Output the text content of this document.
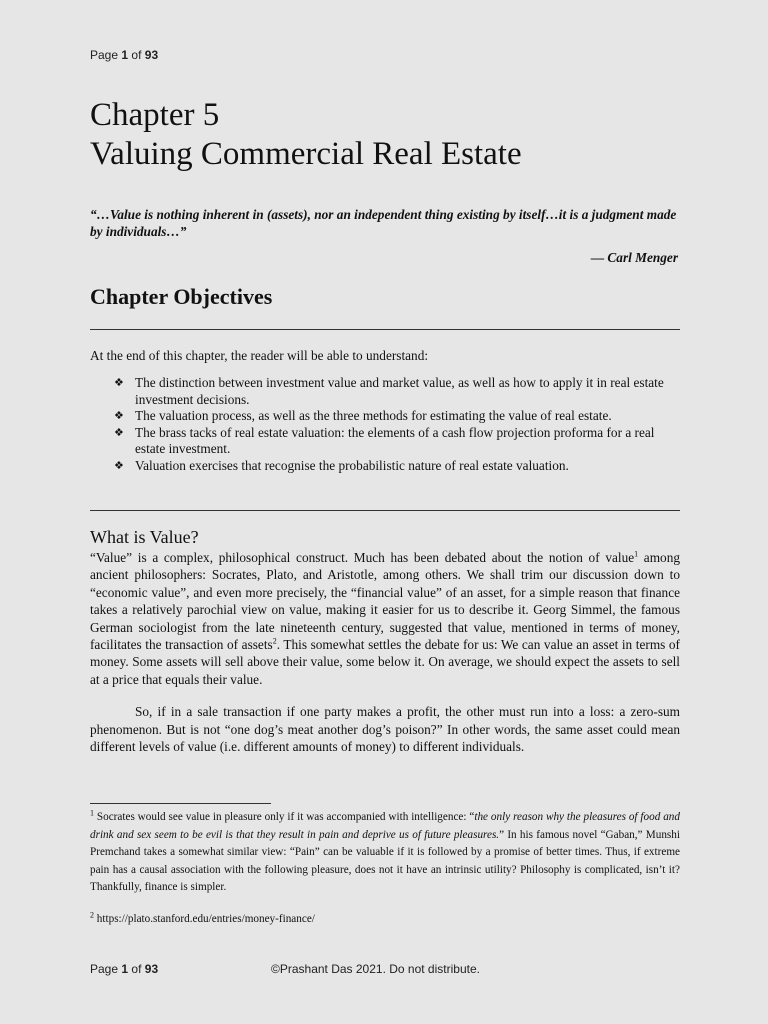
Page 1 of 93
Chapter 5
Valuing Commercial Real Estate
“…Value is nothing inherent in (assets), nor an independent thing existing by itself…it is a judgment made by individuals…”
— Carl Menger
Chapter Objectives
At the end of this chapter, the reader will be able to understand:
❖ The distinction between investment value and market value, as well as how to apply it in real estate investment decisions.
❖ The valuation process, as well as the three methods for estimating the value of real estate.
❖ The brass tacks of real estate valuation: the elements of a cash flow projection proforma for a real estate investment.
❖ Valuation exercises that recognise the probabilistic nature of real estate valuation.
What is Value?

“Value” is a complex, philosophical construct. Much has been debated about the notion of value$^1$ among ancient philosophers: Socrates, Plato, and Aristotle, among others. We shall trim our discussion down to “economic value”, and even more precisely, the “financial value” of an asset, for a simple reason that finance takes a relatively parochial view on value, making it easier for us to describe it. Georg Simmel, the famous German sociologist from the late nineteenth century, suggested that value, mentioned in terms of money, facilitates the transaction of assets$^2$. This somewhat settles the debate for us: We can value an asset in terms of money. Some assets will sell above their value, some below it. On average, we should expect the assets to sell at a price that equals their value.

So, if in a sale transaction if one party makes a profit, the other must run into a loss: a zero-sum phenomenon. But is not “one dog’s meat another dog’s poison?” In other words, the same asset could mean different levels of value (i.e. different amounts of money) to different individuals.

$^1$ Socrates would see value in pleasure only if it was accompanied with intelligence: “the only reason why the pleasures of food and drink and sex seem to be evil is that they result in pain and deprive us of future pleasures.” In his famous novel “Gaban,” Munshi Premchand takes a somewhat similar view: “Pain” can be valuable if it is followed by a promise of better times. Thus, if extreme pain has a causal association with the following pleasure, does not it have an intrinsic utility? Philosophy is complicated, isn’t it? Thankfully, finance is simpler.
$^2$ https://plato.stanford.edu/entries/money-finance/
Page 1 of 93	©Prashant Das 2021. Do not distribute.
